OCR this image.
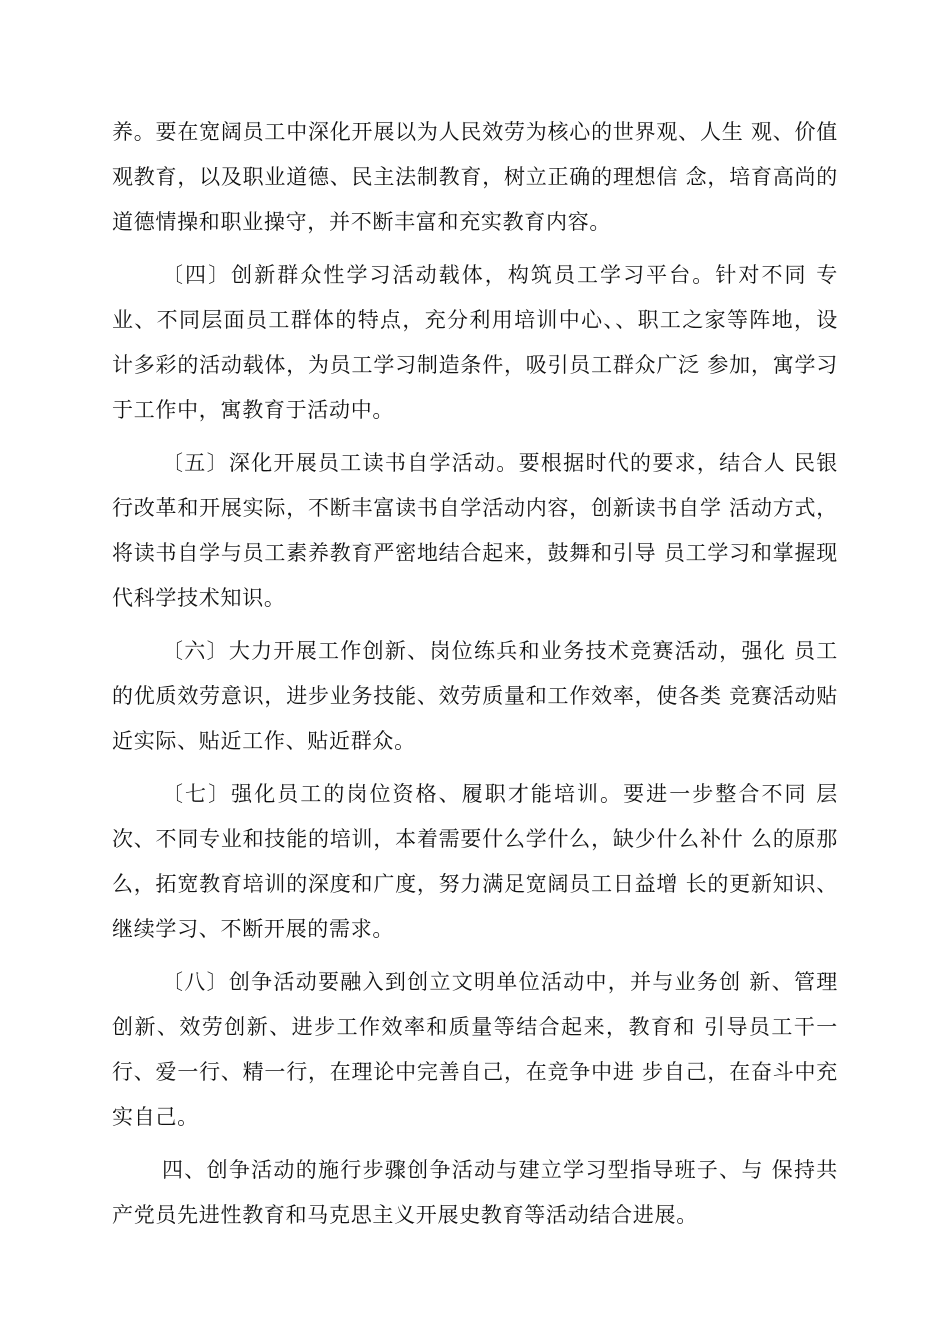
养。要在宽阔员工中深化开展以为人民效劳为核心的世界观、人生 观、价值观教育，以及职业道德、民主法制教育，树立正确的理想信 念，培育高尚的道德情操和职业操守，并不断丰富和充实教育内容。

〔四〕创新群众性学习活动载体，构筑员工学习平台。针对不同 专业、不同层面员工群体的特点，充分利用培训中心、、职工之家等阵地，设计多彩的活动载体，为员工学习制造条件，吸引员工群众广泛 参加，寓学习于工作中，寓教育于活动中。

〔五〕深化开展员工读书自学活动。要根据时代的要求，结合人 民银行改革和开展实际，不断丰富读书自学活动内容，创新读书自学 活动方式，将读书自学与员工素养教育严密地结合起来，鼓舞和引导 员工学习和掌握现代科学技术知识。

〔六〕大力开展工作创新、岗位练兵和业务技术竞赛活动，强化 员工的优质效劳意识，进步业务技能、效劳质量和工作效率，使各类 竞赛活动贴近实际、贴近工作、贴近群众。

〔七〕强化员工的岗位资格、履职才能培训。要进一步整合不同 层次、不同专业和技能的培训，本着需要什么学什么，缺少什么补什 么的原那么，拓宽教育培训的深度和广度，努力满足宽阔员工日益增 长的更新知识、继续学习、不断开展的需求。

〔八〕创争活动要融入到创立文明单位活动中，并与业务创 新、管理创新、效劳创新、进步工作效率和质量等结合起来，教育和 引导员工干一行、爱一行、精一行，在理论中完善自己，在竞争中进 步自己，在奋斗中充实自己。

四、创争活动的施行步骤创争活动与建立学习型指导班子、与 保持共产党员先进性教育和马克思主义开展史教育等活动结合进展。
